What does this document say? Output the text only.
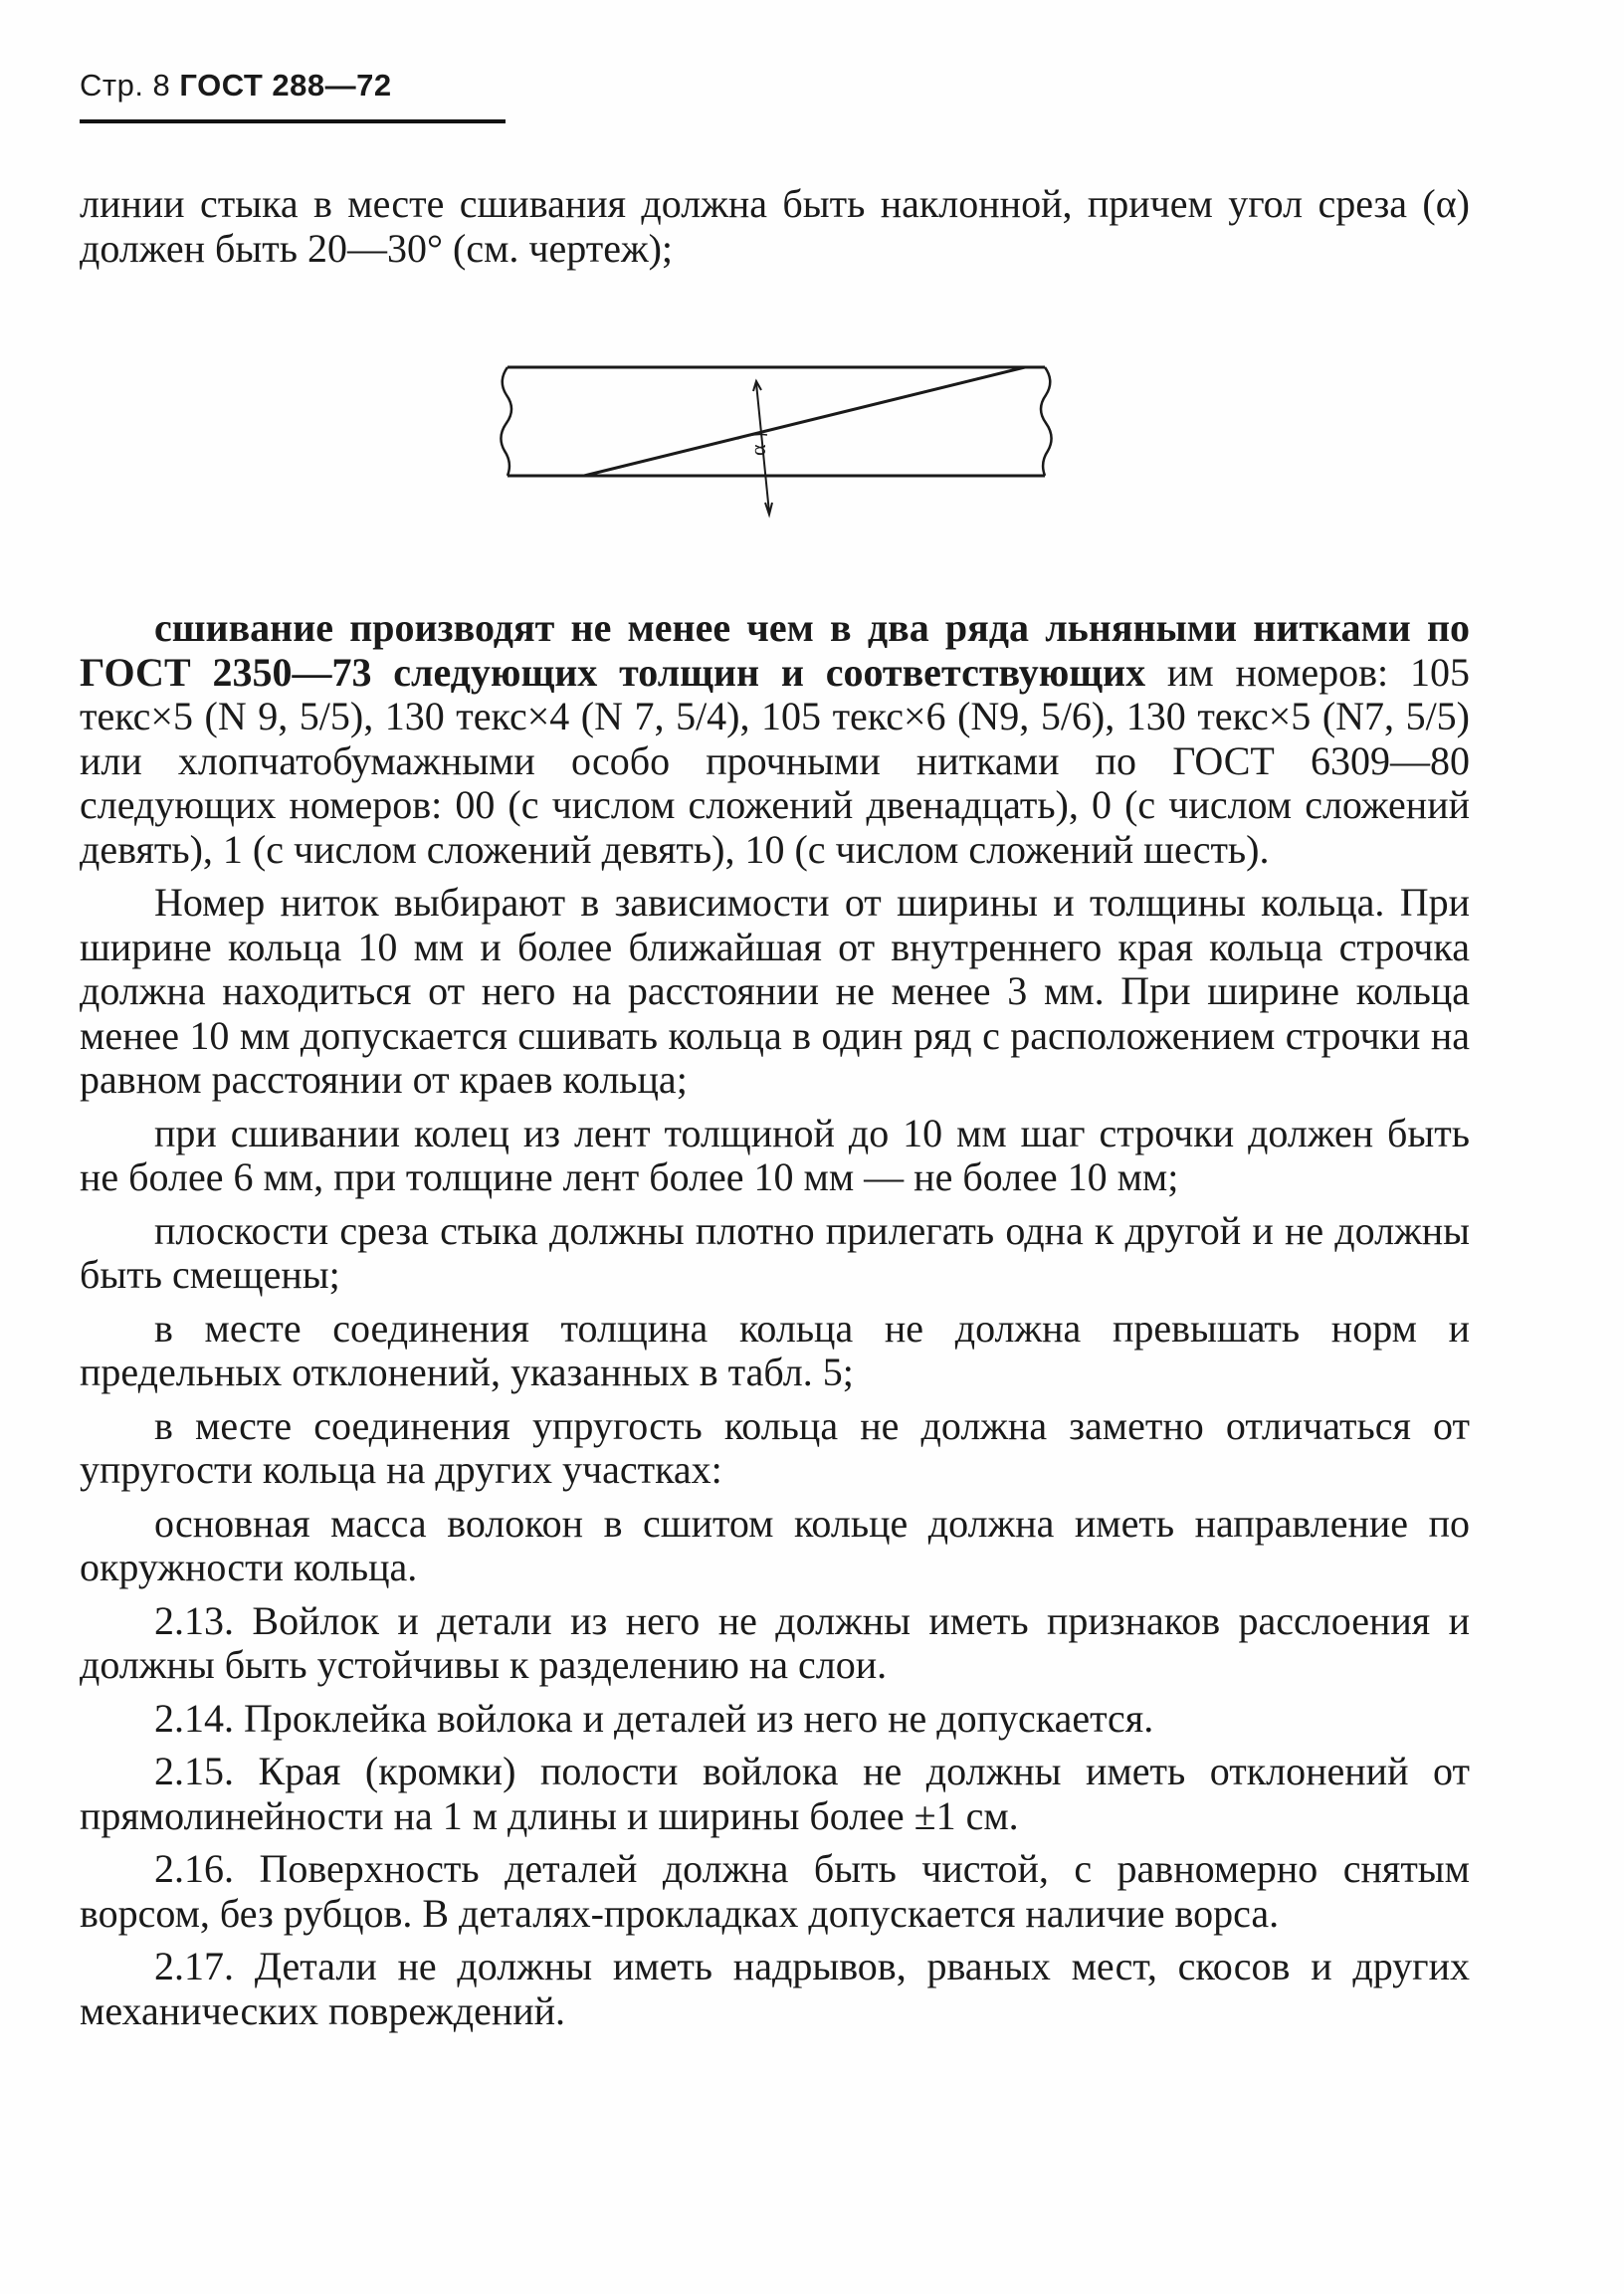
Стр. 8 ГОСТ 288—72

линии стыка в месте сшивания должна быть наклонной, причем угол среза (α) должен быть 20—30° (см. чертеж);

α

сшивание производят не менее чем в два ряда льняными нитками по ГОСТ 2350—73 следующих толщин и соответствующих им номеров: 105 текс×5 (N 9, 5/5), 130 текс×4 (N 7, 5/4), 105 текс×6 (N9, 5/6), 130 текс×5 (N7, 5/5) или хлопчатобумажными особо прочными нитками по ГОСТ 6309—80 следующих номеров: 00 (с числом сложений двенадцать), 0 (с числом сложений девять), 1 (с числом сложений девять), 10 (с числом сложений шесть).

Номер ниток выбирают в зависимости от ширины и толщины кольца. При ширине кольца 10 мм и более ближайшая от внутреннего края кольца строчка должна находиться от него на расстоянии не менее 3 мм. При ширине кольца менее 10 мм допускается сшивать кольца в один ряд с расположением строчки на равном расстоянии от краев кольца;

при сшивании колец из лент толщиной до 10 мм шаг строчки должен быть не более 6 мм, при толщине лент более 10 мм — не более 10 мм;

плоскости среза стыка должны плотно прилегать одна к другой и не должны быть смещены;

в месте соединения толщина кольца не должна превышать норм и предельных отклонений, указанных в табл. 5;

в месте соединения упругость кольца не должна заметно отличаться от упругости кольца на других участках:

основная масса волокон в сшитом кольце должна иметь направление по окружности кольца.

2.13. Войлок и детали из него не должны иметь признаков расслоения и должны быть устойчивы к разделению на слои.

2.14. Проклейка войлока и деталей из него не допускается.

2.15. Края (кромки) полости войлока не должны иметь отклонений от прямолинейности на 1 м длины и ширины более ±1 см.

2.16. Поверхность деталей должна быть чистой, с равномерно снятым ворсом, без рубцов. В деталях-прокладках допускается наличие ворса.

2.17. Детали не должны иметь надрывов, рваных мест, скосов и других механических повреждений.
